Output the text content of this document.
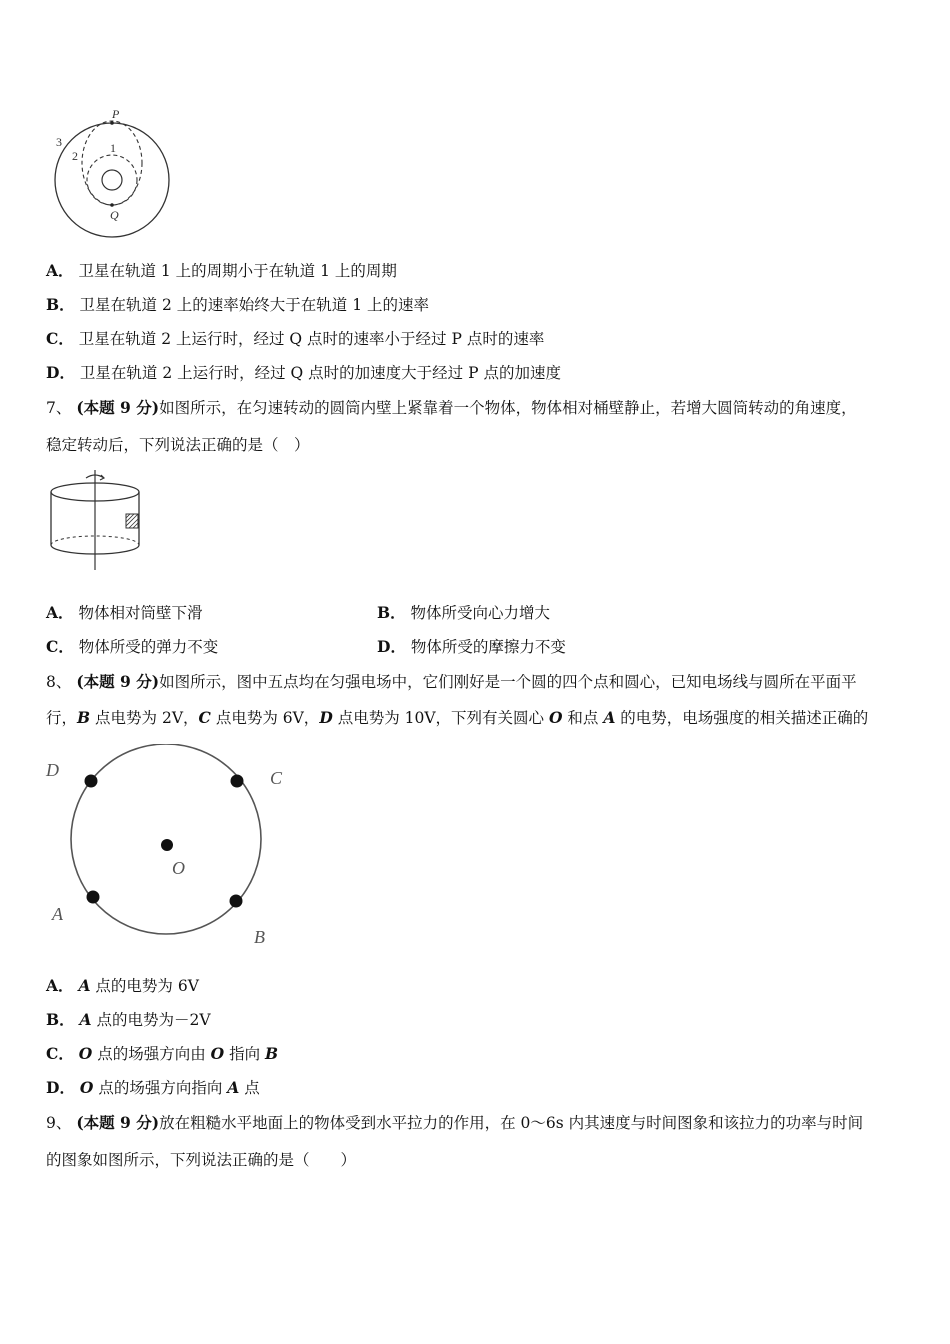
3
2
1
P
Q
A． 卫星在轨道 1 上的周期小于在轨道 1 上的周期
B． 卫星在轨道 2 上的速率始终大于在轨道 1 上的速率
C． 卫星在轨道 2 上运行时，经过 Q 点时的速率小于经过 P 点时的速率
D． 卫星在轨道 2 上运行时，经过 Q 点时的加速度大于经过 P 点的加速度
7、 (本题 9 分)如图所示，在匀速转动的圆筒内壁上紧靠着一个物体，物体相对桶壁静止，若增大圆筒转动的角速度，
稳定转动后，下列说法正确的是（　）
A． 物体相对筒壁下滑	B． 物体所受向心力增大
C． 物体所受的弹力不变	D． 物体所受的摩擦力不变
8、 (本题 9 分)如图所示，图中五点均在匀强电场中，它们刚好是一个圆的四个点和圆心，已知电场线与圆所在平面平
行，B 点电势为 2V，C 点电势为 6V，D 点电势为 10V，下列有关圆心 O 和点 A 的电势，电场强度的相关描述正确的
D	C
O
A
B
A． A 点的电势为 6V
B． A 点的电势为－2V
C． O 点的场强方向由 O 指向 B
D． O 点的场强方向指向 A 点
9、 (本题 9 分)放在粗糙水平地面上的物体受到水平拉力的作用，在 0～6s 内其速度与时间图象和该拉力的功率与时间
的图象如图所示，下列说法正确的是（　　）
